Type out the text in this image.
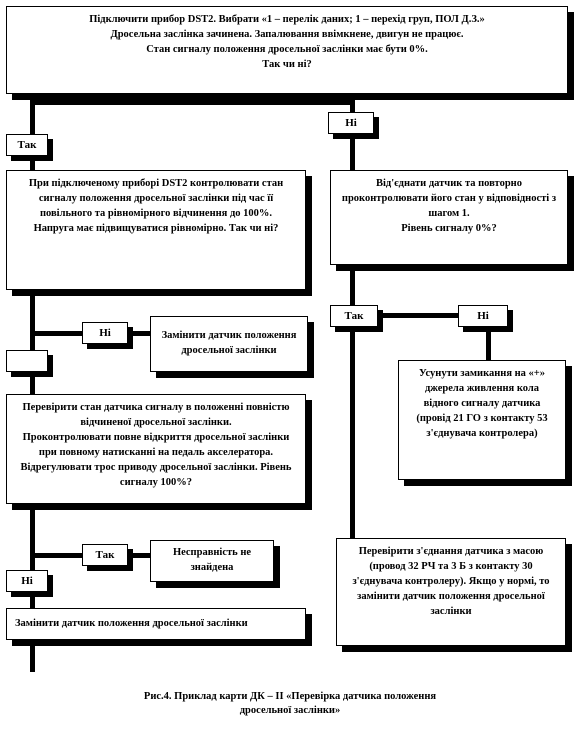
Підключити прибор DST2. Вибрати «1 – перелік даних; 1 – перехід груп, ПОЛ Д.З.»
Дросельна заслінка зачинена. Запалювання ввімкнене, двигун не працює.
Стан сигналу положення дросельної заслінки має бути 0%.
Так чи ні?
При підключеному приборі DST2 контролювати стан сигналу положення дросельної заслінки під час її повільного та рівномірного відчинення до 100%.
Напруга має підвищуватися рівномірно. Так чи ні?
Замінити датчик положення дросельної заслінки
Перевірити стан датчика сигналу в положенні повністю відчиненої дросельної заслінки.
Проконтролювати повне відкриття дросельної заслінки при повному натисканні на педаль акселератора. Відрегулювати трос приводу дросельної заслінки. Рівень сигналу 100%?
Несправність не знайдена
Замінити датчик положення дросельної заслінки
Від'єднати датчик та повторно проконтролювати його стан у відповідності з шагом 1.
Рівень сигналу 0%?
Усунути замикання на «+» джерела живлення кола відного сигналу датчика (провід 21 ГО з контакту 53 з'єднувача контролера)
Перевірити з'єднання датчика з масою (провод 32 РЧ та 3 Б з контакту 30 з'єднувача контролеру). Якщо у нормі, то замінити датчик положення дросельної заслінки
Так
Ні
Ні
Так
Ні
Так	Ні
Рис.4. Приклад карти ДК – II «Перевірка датчика положення
дросельної заслінки»
